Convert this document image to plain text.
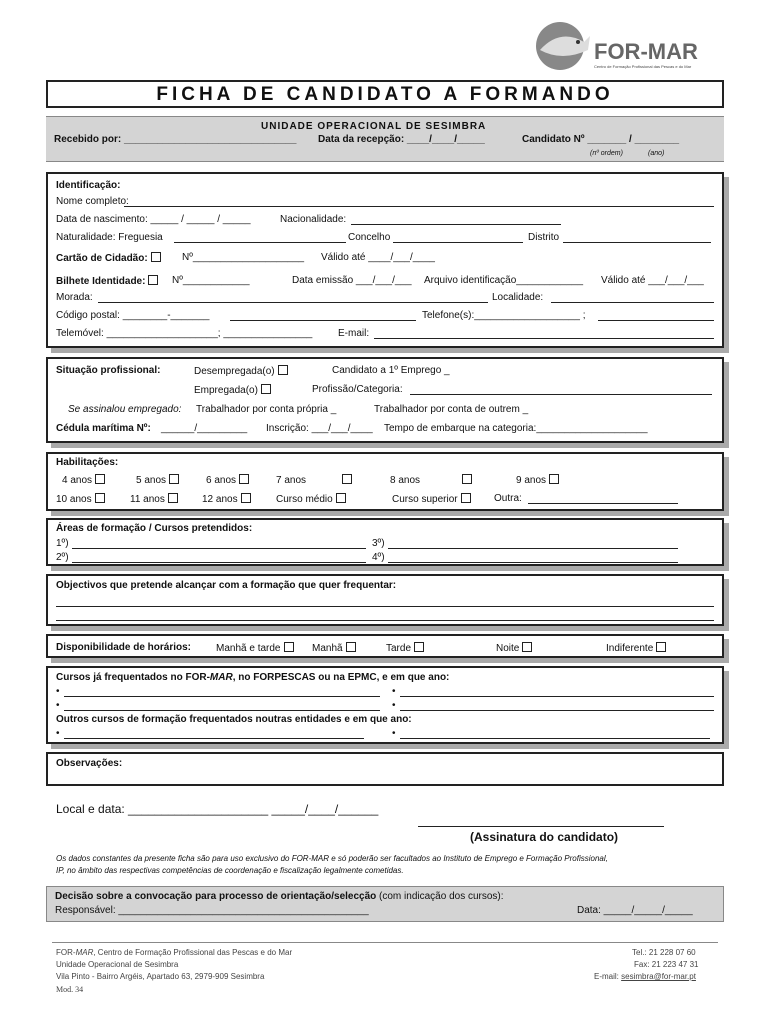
FOR-MAR
Centro de Formação Profissional das Pescas e do Mar
FICHA DE CANDIDATO A FORMANDO
UNIDADE OPERACIONAL DE SESIMBRA
Recebido por: _______________________________ Data da recepção: ____/____/_____	Candidato Nº _______ / ________
(nº ordem)	(ano)
Identificação:
Nome completo:
Data de nascimento: _____ / _____ / _____	Nacionalidade:
Naturalidade: Freguesia	Concelho	Distrito
Cartão de Cidadão:	Nº____________________ Válido até ____/___/____
Bilhete Identidade:	Nº____________	Data emissão ___/___/___ Arquivo identificação____________ Válido até ___/___/___
Morada:	Localidade:
Código postal: ________-_______	Telefone(s):___________________ ;
Telemóvel: ____________________; ________________	E-mail:
Situação profissional:	Desempregada(o)	Candidato a 1º Emprego _
Empregada(o)	Profissão/Categoria:
Se assinalou empregado: Trabalhador por conta própria _	Trabalhador por conta de outrem _
Cédula marítima Nº: ______/_________ Inscrição: ___/___/____ Tempo de embarque na categoria:____________________
Habilitações:
4 anos	5 anos	6 anos	7 anos	8 anos	9 anos
10 anos	11 anos	12 anos	Curso médio	Curso superior	Outra:
Áreas de formação / Cursos pretendidos:
1º)	3º)
2º)	4º)
Objectivos que pretende alcançar com a formação que quer frequentar:
Disponibilidade de horários: Manhã e tarde	Manhã	Tarde	Noite	Indiferente
Cursos já frequentados no FOR-MAR, no FORPESCAS ou na EPMC, e em que ano:
•	•
•	•
Outros cursos de formação frequentados noutras entidades e em que ano:
•	•
Observações:
Local e data: _____________________ _____/____/______
(Assinatura do candidato)
Os dados constantes da presente ficha são para uso exclusivo do FOR-MAR e só poderão ser facultados ao Instituto de Emprego e Formação Profissional,
IP, no âmbito das respectivas competências de coordenação e fiscalização legalmente cometidas.
Decisão sobre a convocação para processo de orientação/selecção (com indicação dos cursos):
Responsável: _____________________________________________	Data: _____/_____/_____
FOR-MAR, Centro de Formação Profissional das Pescas e do Mar
Unidade Operacional de Sesimbra
Vila Pinto - Bairro Argéis, Apartado 63, 2979-909 Sesimbra
Mod. 34
Tel.: 21 228 07 60
Fax: 21 223 47 31
E-mail: sesimbra@for-mar.pt
